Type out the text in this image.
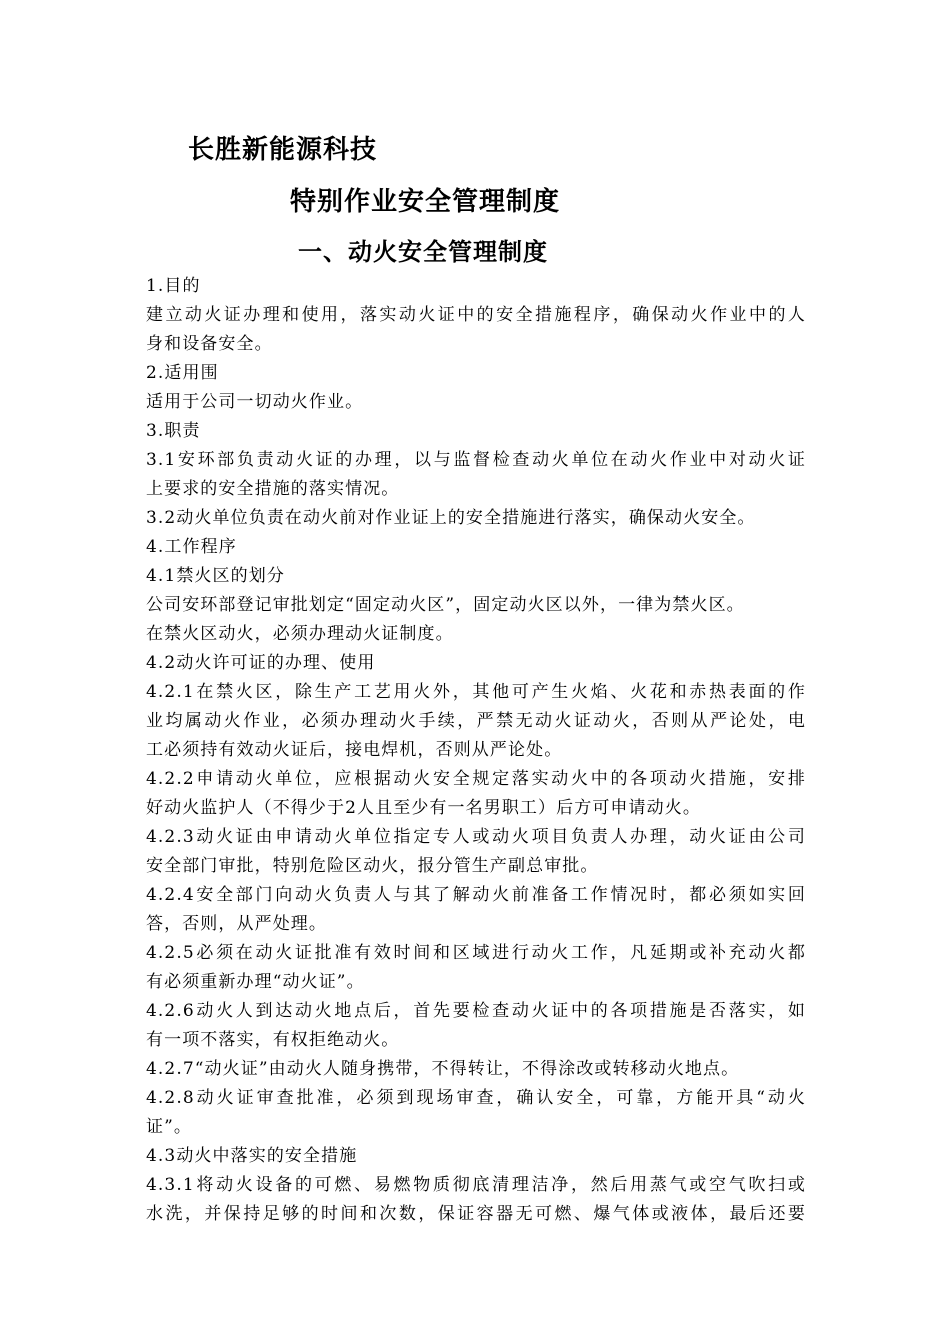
长胜新能源科技
特别作业安全管理制度
一、动火安全管理制度
1.目的
建立动火证办理和使用，落实动火证中的安全措施程序，确保动火作业中的人
身和设备安全。
2.适用围
适用于公司一切动火作业。
3.职责
3.1安环部负责动火证的办理，以与监督检查动火单位在动火作业中对动火证
上要求的安全措施的落实情况。
3.2动火单位负责在动火前对作业证上的安全措施进行落实，确保动火安全。
4.工作程序
4.1禁火区的划分
公司安环部登记审批划定“固定动火区”，固定动火区以外，一律为禁火区。
在禁火区动火，必须办理动火证制度。
4.2动火许可证的办理、使用
4.2.1在禁火区，除生产工艺用火外，其他可产生火焰、火花和赤热表面的作
业均属动火作业，必须办理动火手续，严禁无动火证动火，否则从严论处，电
工必须持有效动火证后，接电焊机，否则从严论处。
4.2.2申请动火单位，应根据动火安全规定落实动火中的各项动火措施，安排
好动火监护人（不得少于2人且至少有一名男职工）后方可申请动火。
4.2.3动火证由申请动火单位指定专人或动火项目负责人办理，动火证由公司
安全部门审批，特别危险区动火，报分管生产副总审批。
4.2.4安全部门向动火负责人与其了解动火前准备工作情况时，都必须如实回
答，否则，从严处理。
4.2.5必须在动火证批准有效时间和区域进行动火工作，凡延期或补充动火都
有必须重新办理“动火证”。
4.2.6动火人到达动火地点后，首先要检查动火证中的各项措施是否落实，如
有一项不落实，有权拒绝动火。
4.2.7“动火证”由动火人随身携带，不得转让，不得涂改或转移动火地点。
4.2.8动火证审查批准，必须到现场审查，确认安全，可靠，方能开具“动火
证”。
4.3动火中落实的安全措施
4.3.1将动火设备的可燃、易燃物质彻底清理洁净，然后用蒸气或空气吹扫或
水洗，并保持足够的时间和次数，保证容器无可燃、爆气体或液体，最后还要
